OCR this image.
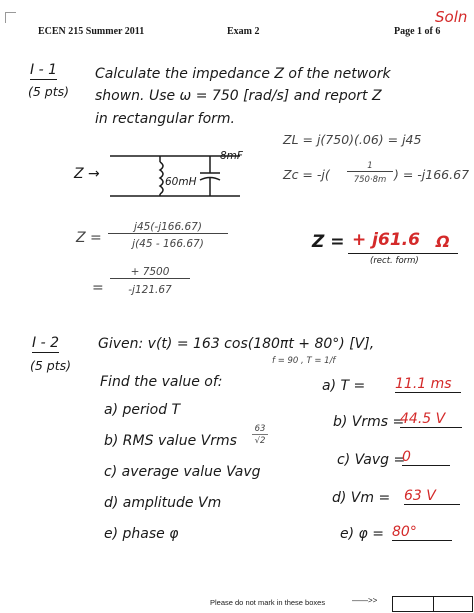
ECEN 215 Summer 2011	Exam 2	Page 1 of 6
Soln
I - 1
(5 pts)
Calculate the impedance Z of the network
shown. Use ω = 750 [rad/s] and report Z
in rectangular form.
Z →	60mH
8mF
ZL = j(750)(.06) = j45
Zc = -j(
1
750·8m ) = -j166.67
Z =
j45(-j166.67)
j(45 - 166.67)
=
+ 7500
-j121.67
Z = + j61.6 Ω
(rect. form)
I - 2
(5 pts)
Given: v(t) = 163 cos(180πt + 80°) [V],
f = 90 , T = 1/f
Find the value of:
a) period T
b) RMS value Vrms
63
√2
c) average value Vavg
d) amplitude Vm
e) phase φ
a) T = 11.1 ms
b) Vrms =
44.5 V
c) Vavg =
0
d) Vm = 63 V
e) φ = 80°
Please do not mark in these boxes	——>>
